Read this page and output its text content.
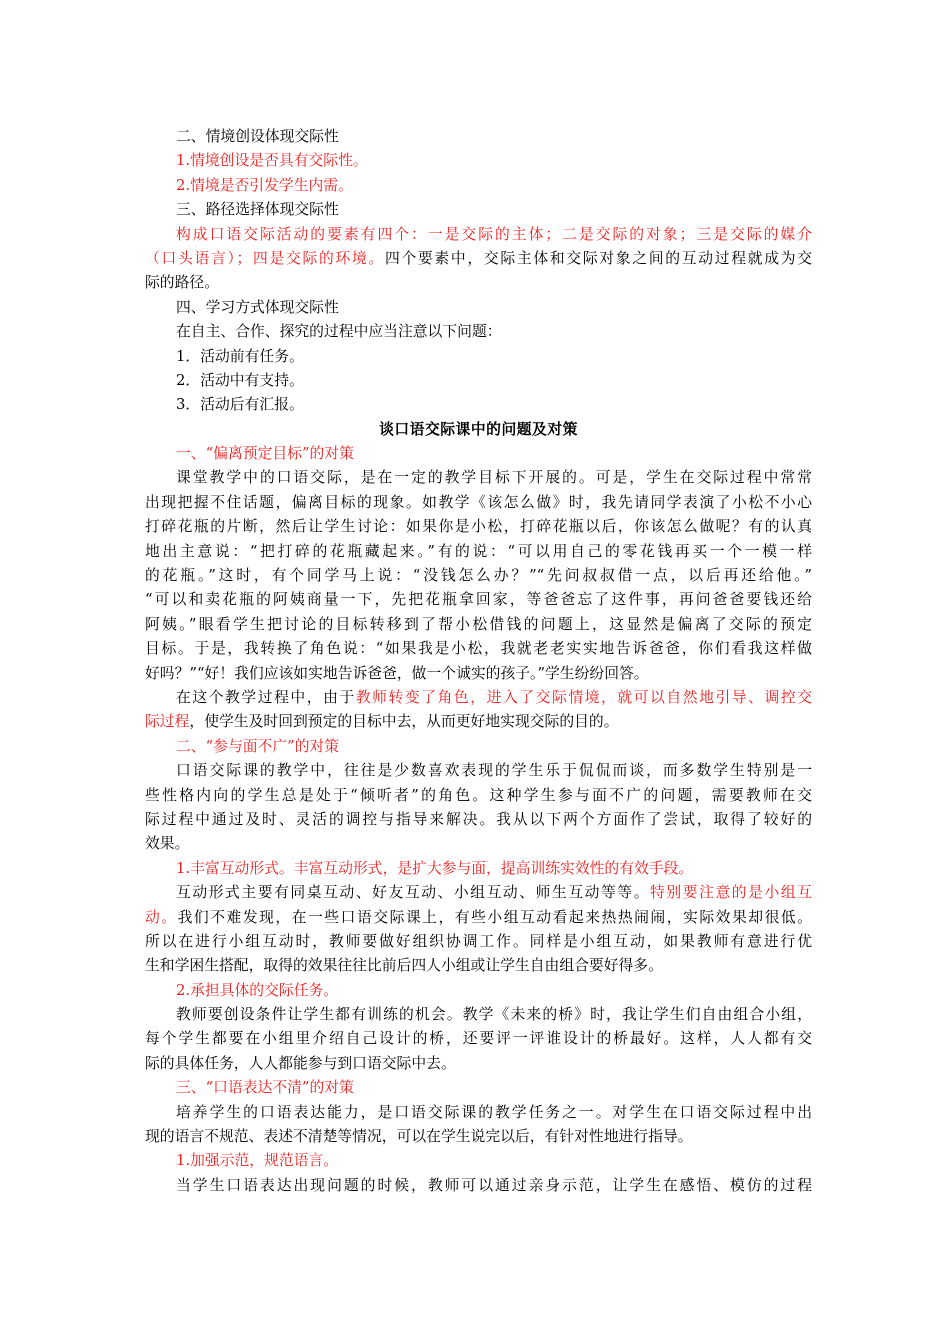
二、情境创设体现交际性
1.情境创设是否具有交际性。
2.情境是否引发学生内需。
三、路径选择体现交际性
构成口语交际活动的要素有四个：一是交际的主体；二是交际的对象；三是交际的媒介
（口头语言）；四是交际的环境。四个要素中，交际主体和交际对象之间的互动过程就成为交
际的路径。
四、学习方式体现交际性
在自主、合作、探究的过程中应当注意以下问题：
1．活动前有任务。
2．活动中有支持。
3．活动后有汇报。
谈口语交际课中的问题及对策
一、“偏离预定目标”的对策
课堂教学中的口语交际，是在一定的教学目标下开展的。可是，学生在交际过程中常常
出现把握不住话题，偏离目标的现象。如教学《该怎么做》时，我先请同学表演了小松不小心
打碎花瓶的片断，然后让学生讨论：如果你是小松，打碎花瓶以后，你该怎么做呢？有的认真
地出主意说：“把打碎的花瓶藏起来。”有的说：“可以用自己的零花钱再买一个一模一样
的花瓶。”这时，有个同学马上说：“没钱怎么办？”“先问叔叔借一点，以后再还给他。”
“可以和卖花瓶的阿姨商量一下，先把花瓶拿回家，等爸爸忘了这件事，再问爸爸要钱还给
阿姨。”眼看学生把讨论的目标转移到了帮小松借钱的问题上，这显然是偏离了交际的预定
目标。于是，我转换了角色说：“如果我是小松，我就老老实实地告诉爸爸，你们看我这样做
好吗？”“好！我们应该如实地告诉爸爸，做一个诚实的孩子。”学生纷纷回答。
在这个教学过程中，由于教师转变了角色，进入了交际情境，就可以自然地引导、调控交
际过程，使学生及时回到预定的目标中去，从而更好地实现交际的目的。
二、“参与面不广”的对策
口语交际课的教学中，往往是少数喜欢表现的学生乐于侃侃而谈，而多数学生特别是一
些性格内向的学生总是处于“倾听者”的角色。这种学生参与面不广的问题，需要教师在交
际过程中通过及时、灵活的调控与指导来解决。我从以下两个方面作了尝试，取得了较好的
效果。
1.丰富互动形式。丰富互动形式，是扩大参与面，提高训练实效性的有效手段。
互动形式主要有同桌互动、好友互动、小组互动、师生互动等等。特别要注意的是小组互
动。我们不难发现，在一些口语交际课上，有些小组互动看起来热热闹闹，实际效果却很低。
所以在进行小组互动时，教师要做好组织协调工作。同样是小组互动，如果教师有意进行优
生和学困生搭配，取得的效果往往比前后四人小组或让学生自由组合要好得多。
2.承担具体的交际任务。
教师要创设条件让学生都有训练的机会。教学《未来的桥》时，我让学生们自由组合小组，
每个学生都要在小组里介绍自己设计的桥，还要评一评谁设计的桥最好。这样，人人都有交
际的具体任务，人人都能参与到口语交际中去。
三、“口语表达不清”的对策
培养学生的口语表达能力，是口语交际课的教学任务之一。对学生在口语交际过程中出
现的语言不规范、表述不清楚等情况，可以在学生说完以后，有针对性地进行指导。
1.加强示范，规范语言。
当学生口语表达出现问题的时候，教师可以通过亲身示范，让学生在感悟、模仿的过程
